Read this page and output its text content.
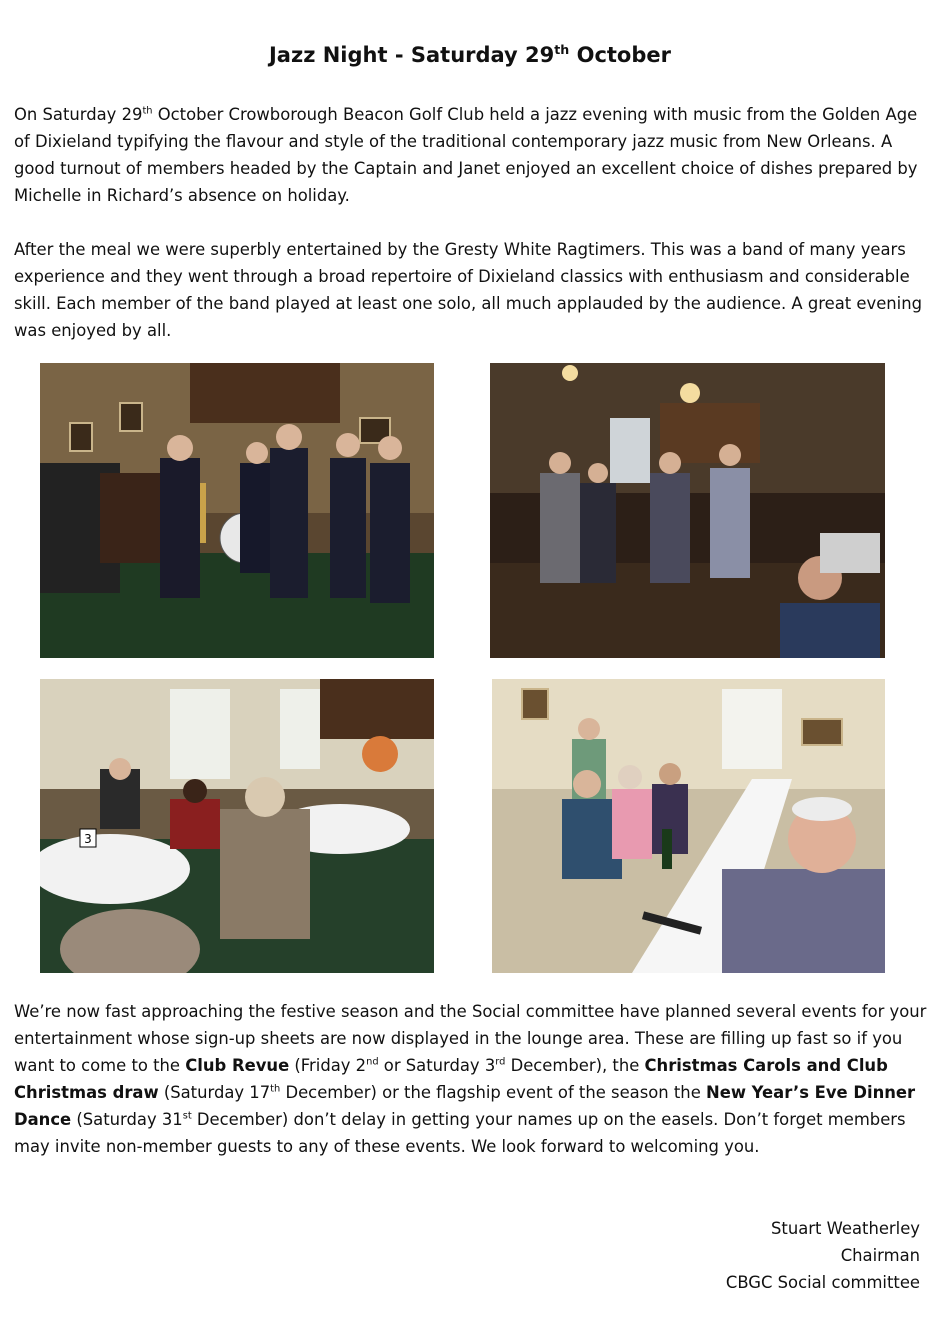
Jazz Night - Saturday 29th October

On Saturday 29th October Crowborough Beacon Golf Club held a jazz evening with music from the Golden Age of Dixieland typifying the flavour and style of the traditional contemporary jazz music from New Orleans. A good turnout of members headed by the Captain and Janet enjoyed an excellent choice of dishes prepared by Michelle in Richard’s absence on holiday.

After the meal we were superbly entertained by the Gresty White Ragtimers. This was a band of many years experience and they went through a broad repertoire of Dixieland classics with enthusiasm and considerable skill. Each member of the band played at least one solo, all much applauded by the audience. A great evening was enjoyed by all.

3

We’re now fast approaching the festive season and the Social committee have planned several events for your entertainment whose sign-up sheets are now displayed in the lounge area. These are filling up fast so if you want to come to the Club Revue (Friday 2nd or Saturday 3rd December), the Christmas Carols and Club Christmas draw (Saturday 17th December) or the flagship event of the season the New Year’s Eve Dinner Dance (Saturday 31st December) don’t delay in getting your names up on the easels. Don’t forget members may invite non-member guests to any of these events. We look forward to welcoming you.

Stuart Weatherley
Chairman
CBGC Social committee
